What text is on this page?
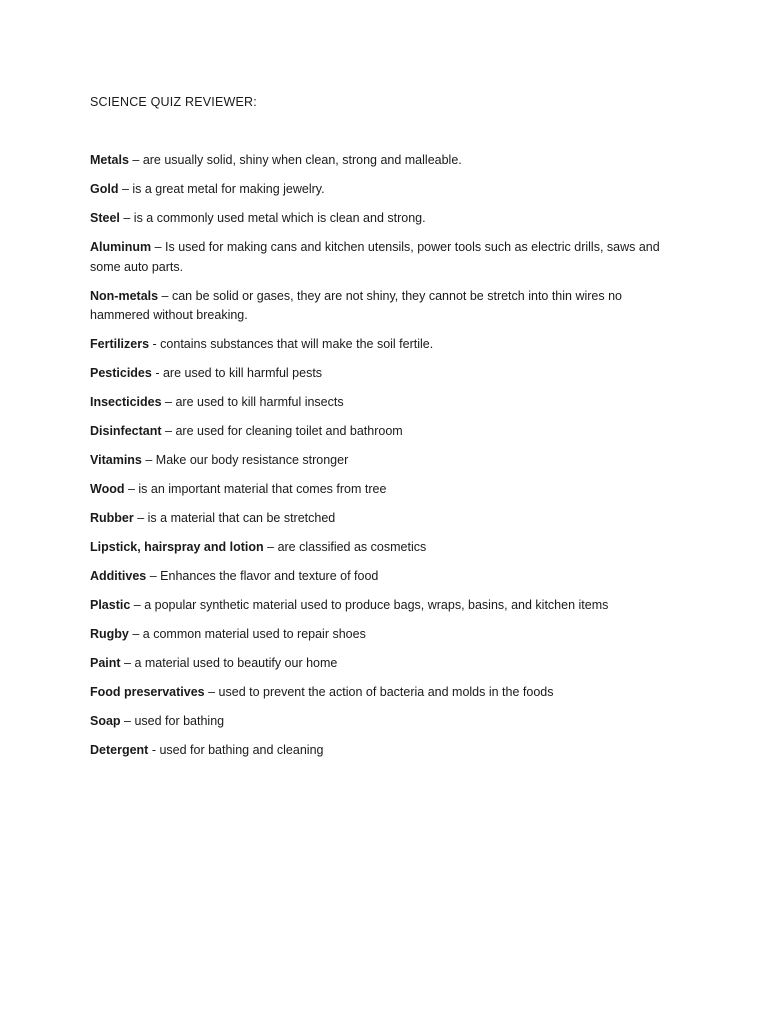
SCIENCE QUIZ REVIEWER:
Metals – are usually solid, shiny when clean, strong and malleable.
Gold – is a great metal for making jewelry.
Steel – is a commonly used metal which is clean and strong.
Aluminum – Is used for making cans and kitchen utensils, power tools such as electric drills, saws and some auto parts.
Non-metals – can be solid or gases, they are not shiny, they cannot be stretch into thin wires no hammered without breaking.
Fertilizers - contains substances that will make the soil fertile.
Pesticides - are used to kill harmful pests
Insecticides – are used to kill harmful insects
Disinfectant – are used for cleaning toilet and bathroom
Vitamins – Make our body resistance stronger
Wood – is an important material that comes from tree
Rubber – is a material that can be stretched
Lipstick, hairspray and lotion – are classified as cosmetics
Additives – Enhances the flavor and texture of food
Plastic – a popular synthetic material used to produce bags, wraps, basins, and kitchen items
Rugby – a common material used to repair shoes
Paint – a material used to beautify our home
Food preservatives – used to prevent the action of bacteria and molds in the foods
Soap – used for bathing
Detergent - used for bathing and cleaning
